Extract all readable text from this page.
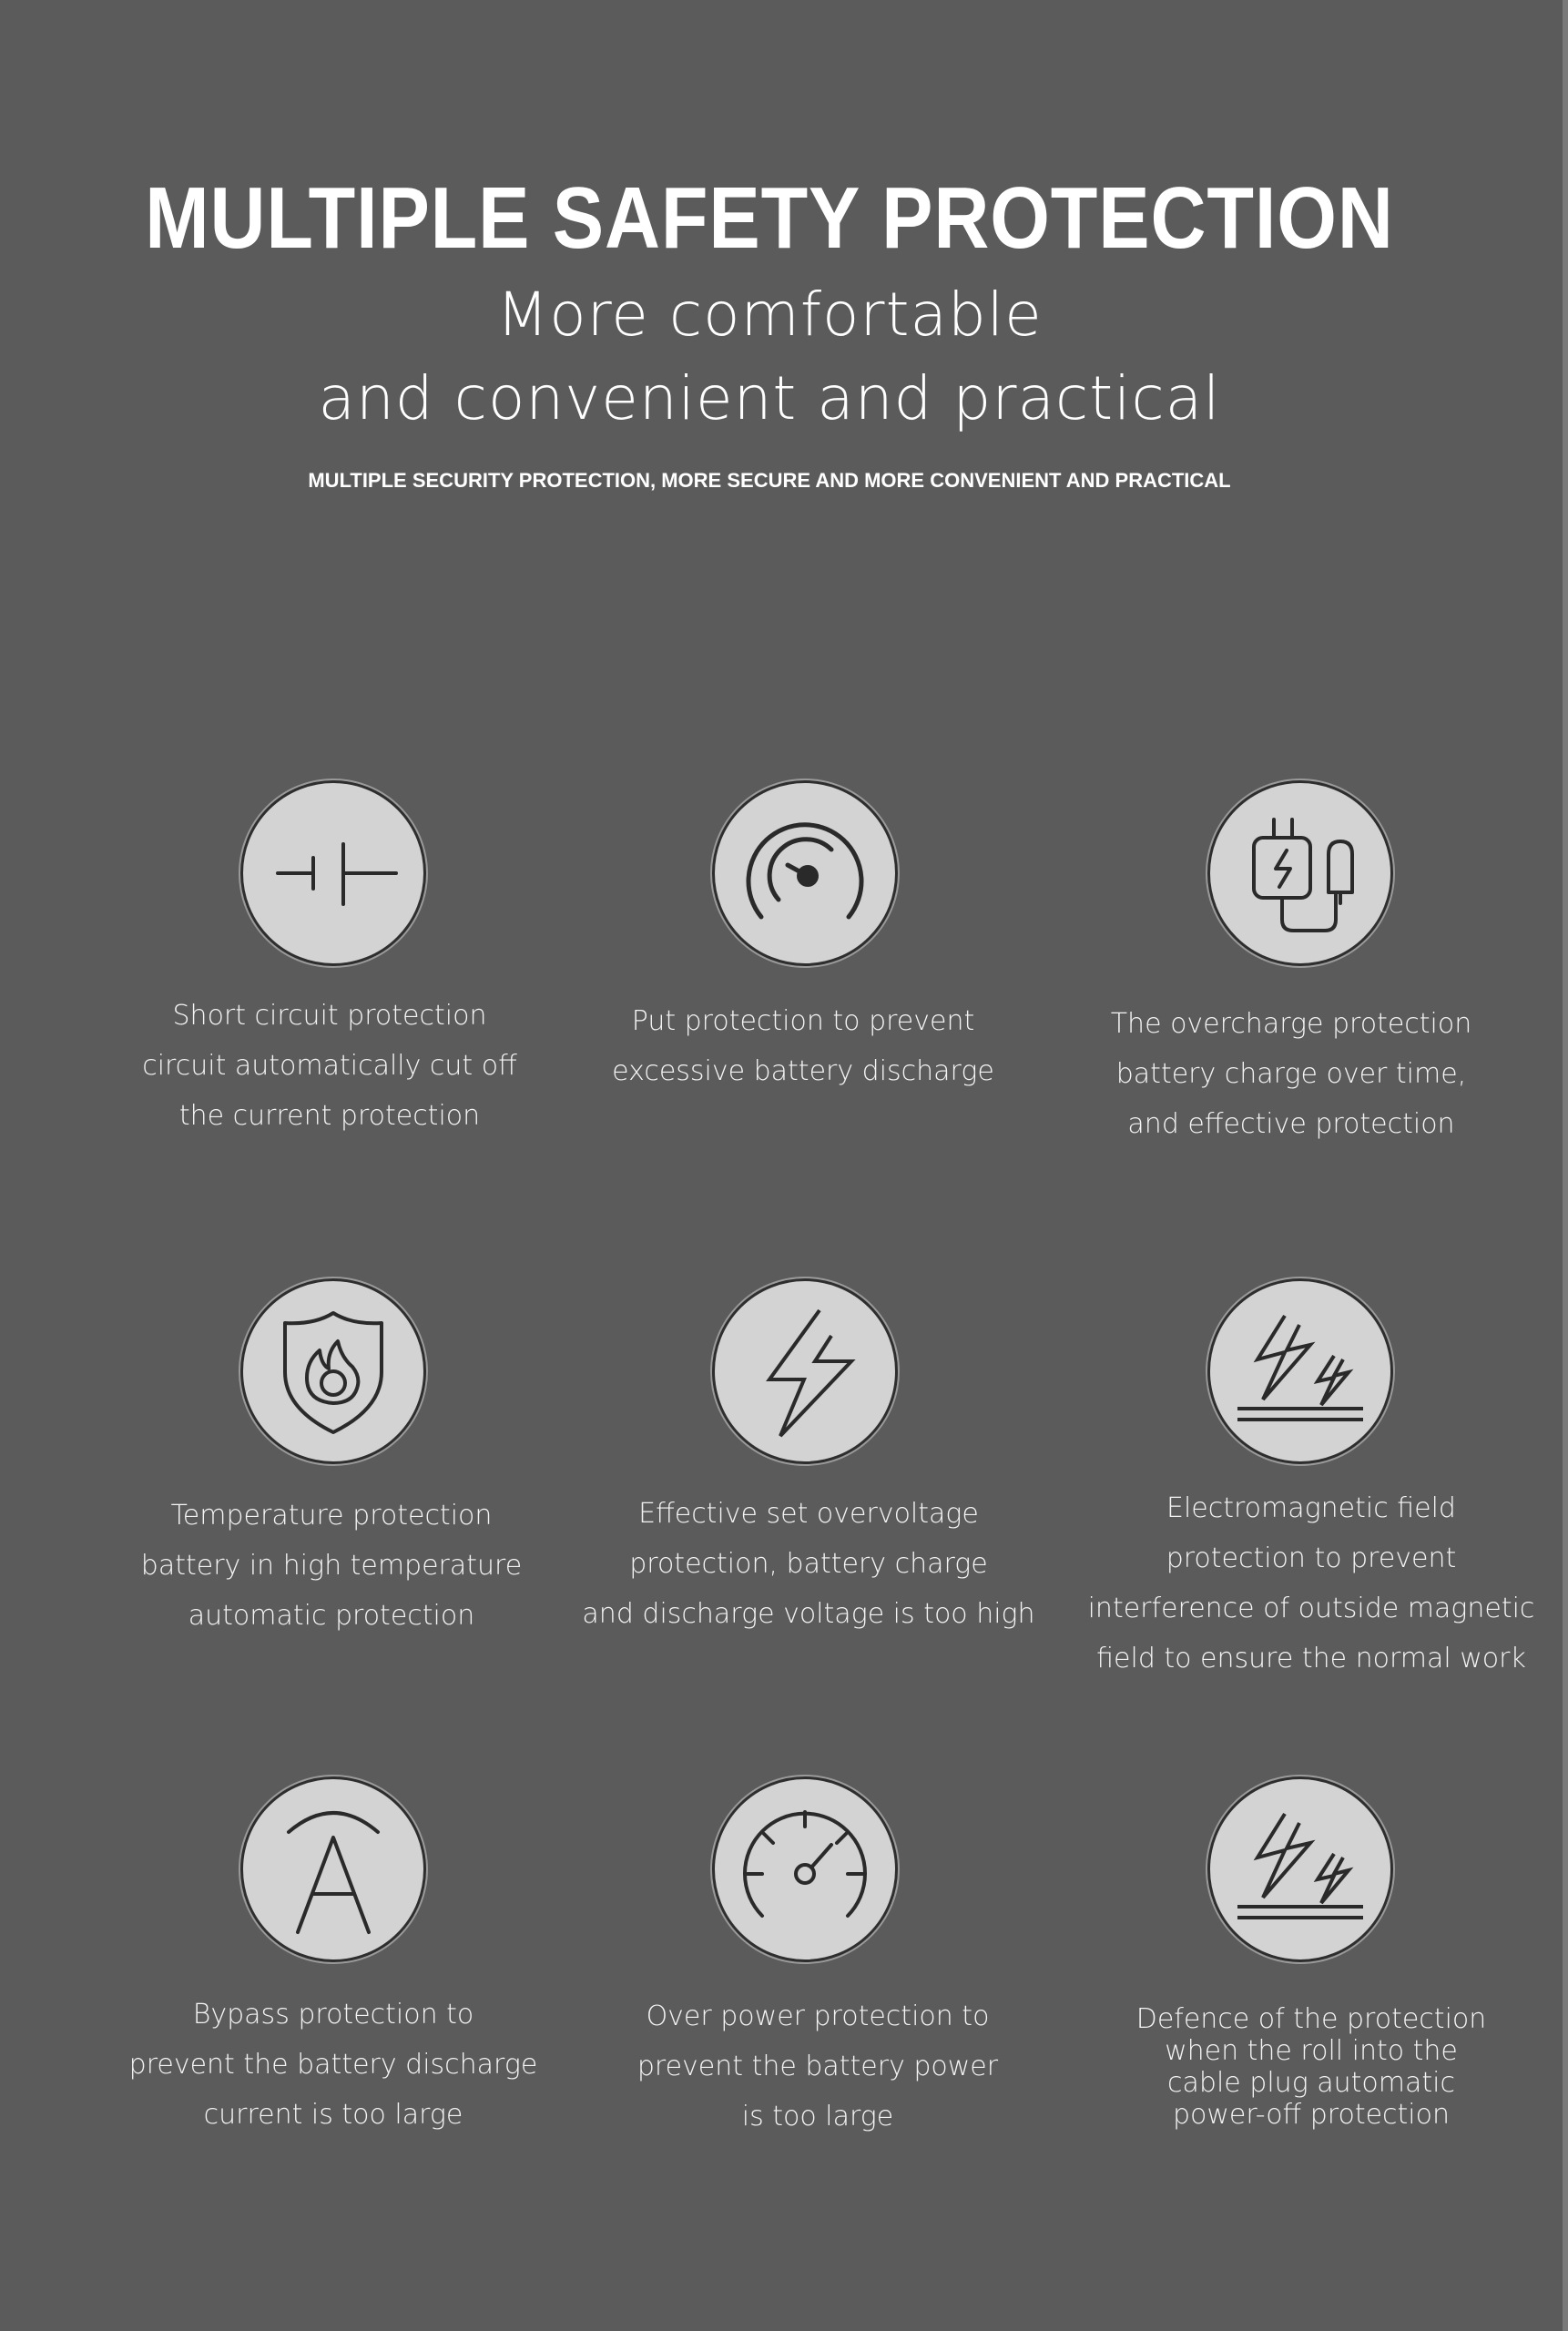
MULTIPLE SAFETY PROTECTION
More comfortable
and convenient and practical
MULTIPLE SECURITY PROTECTION, MORE SECURE AND MORE CONVENIENT AND PRACTICAL
Short circuit protection
circuit automatically cut off
the current protection
Put protection to prevent
excessive battery discharge
The overcharge protection
battery charge over time,
and effective protection
Temperature protection
battery in high temperature
automatic protection
Effective set overvoltage
protection, battery charge
and discharge voltage is too high
Electromagnetic field
protection to prevent
interference of outside magnetic
field to ensure the normal work
Bypass protection to
prevent the battery discharge
current is too large
Over power protection to
prevent the battery power
is too large
Defence of the protection
when the roll into the
cable plug automatic
power-off protection
